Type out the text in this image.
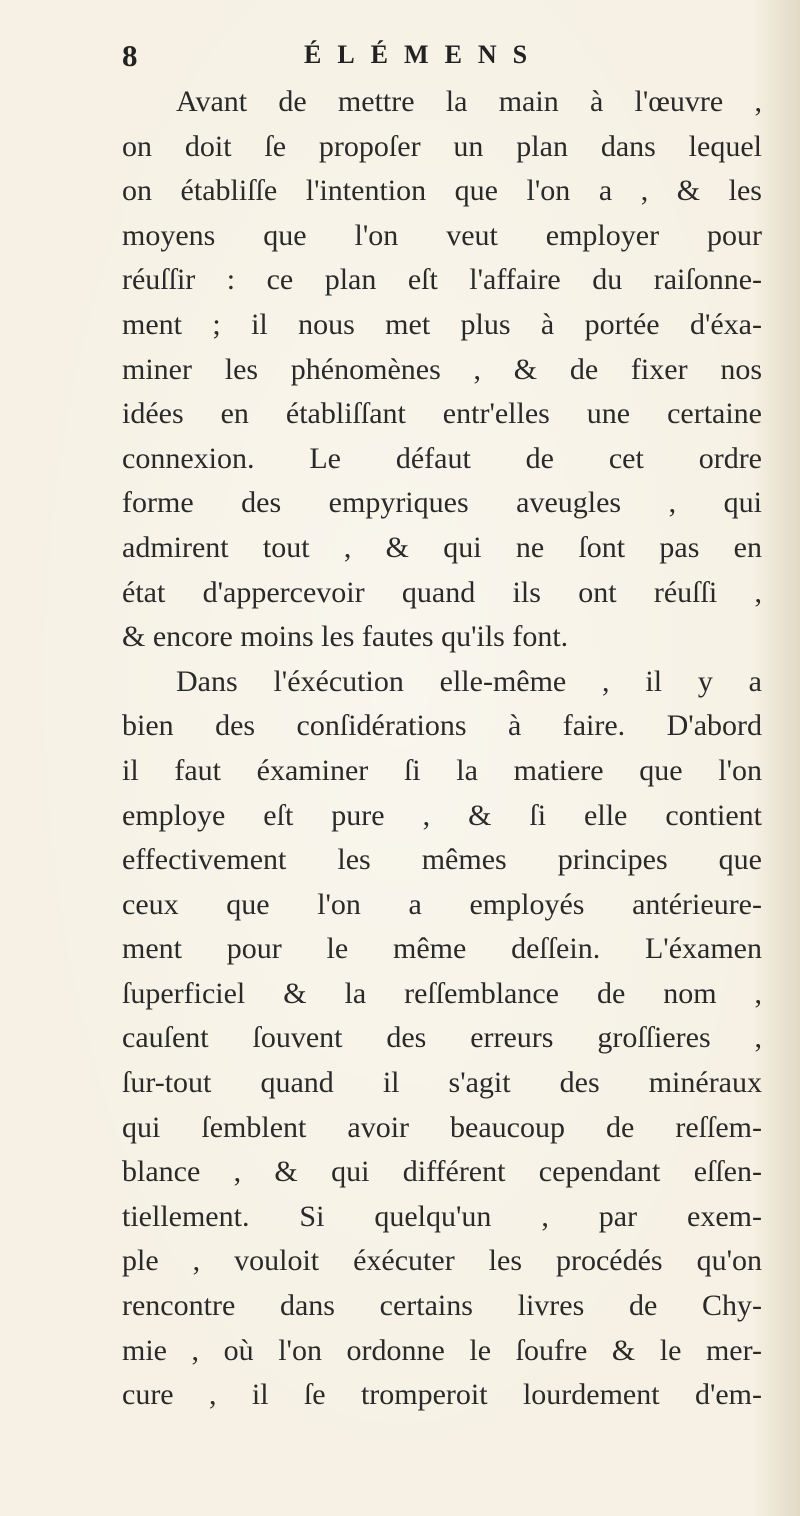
8	ÉLÉMENS
Avant de mettre la main à l'œuvre ,
on doit ſe propoſer un plan dans lequel
on établiſſe l'intention que l'on a , & les
moyens que l'on veut employer pour
réuſſir : ce plan eſt l'affaire du raiſonne-
ment ; il nous met plus à portée d'éxa-
miner les phénomènes , & de fixer nos
idées en établiſſant entr'elles une certaine
connexion. Le défaut de cet ordre
forme des empyriques aveugles , qui
admirent tout , & qui ne ſont pas en
état d'appercevoir quand ils ont réuſſi ,
& encore moins les fautes qu'ils font.
Dans l'éxécution elle-même , il y a
bien des conſidérations à faire. D'abord
il faut éxaminer ſi la matiere que l'on
employe eſt pure , & ſi elle contient
effectivement les mêmes principes que
ceux que l'on a employés antérieure-
ment pour le même deſſein. L'éxamen
ſuperficiel & la reſſemblance de nom ,
cauſent ſouvent des erreurs groſſieres ,
ſur-tout quand il s'agit des minéraux
qui ſemblent avoir beaucoup de reſſem-
blance , & qui différent cependant eſſen-
tiellement. Si quelqu'un , par exem-
ple , vouloit éxécuter les procédés qu'on
rencontre dans certains livres de Chy-
mie , où l'on ordonne le ſoufre & le mer-
cure , il ſe tromperoit lourdement d'em-
